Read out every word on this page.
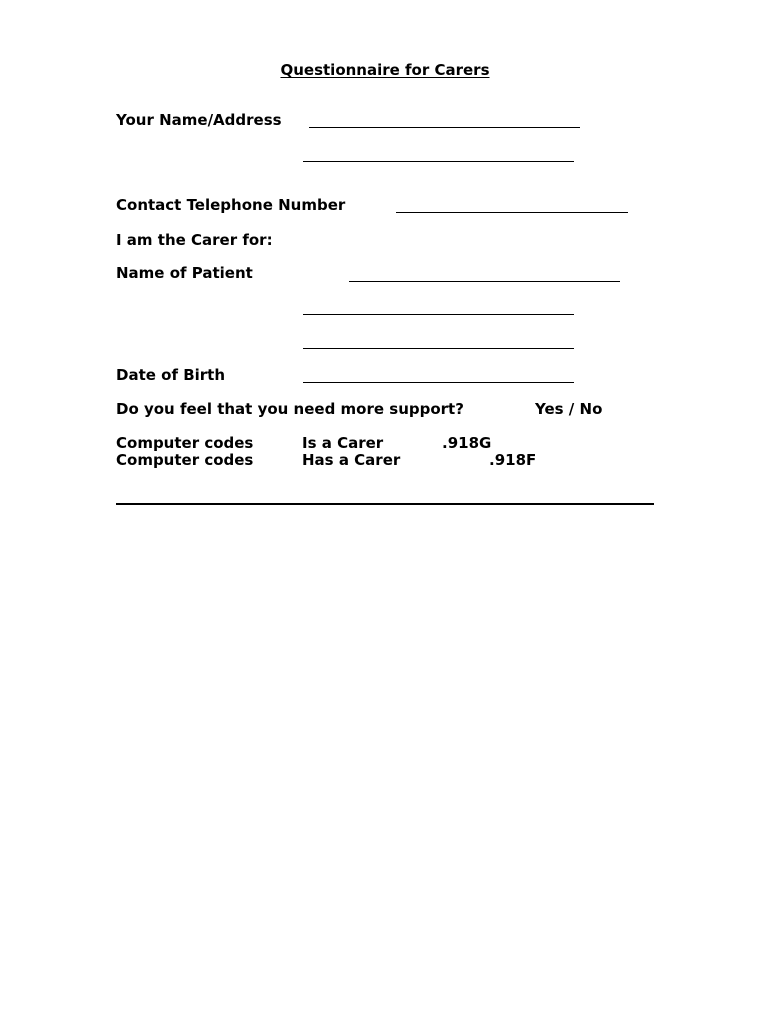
Questionnaire for Carers
Your Name/Address
Contact Telephone Number
I am the Carer for:
Name of Patient
Date of Birth
Do you feel that you need more support?	Yes / No
Computer codes	Is a Carer	.918G
Computer codes	Has a Carer	.918F
